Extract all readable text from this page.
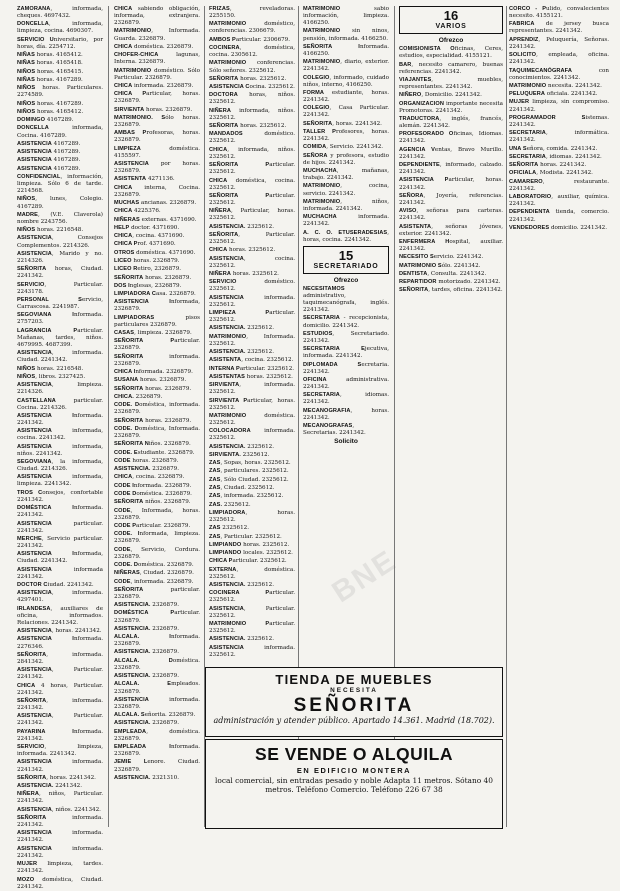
BNE

ZAMORANA, informada, cheques. 4697432.

DONCELLA, informada, limpieza, cocina. 4690307.

SERVICIO Universitario, por horas, día. 2254712.

NIÑAS horas. 4165412.

NIÑAS horas. 4165418.

NIÑOS horas. 4165415.

NIÑAS horas. 4167289.

NIÑOS horas. Particulares. 2274589.

NIÑOS horas. 4167289.

NIÑOS horas. 4165412.

DOMINGO 4167289.

DONCELLA informada, Cocina. 4167289.

ASISTENCIA 4167289.

ASISTENCIA 4167289.

ASISTENCIA 4167289.

ASISTENCIA 4167289.

CONFIDENCIAL, información, limpieza. Sólo 6 de tarde. 2214568.

NIÑOS, lunes, Colegio. 4167289.

MADRE, (V.E. Claverola) nombre 2243756.

NIÑOS horas. 2216548.

ASISTENCIA, Consejos Complementos. 2214326.

ASISTENCIA, Marido y no. 2214326.

SEÑORITA horas, Ciudad. 2241342.

SERVICIO, Particular. 2243178.

PERSONAL Servicio, Carrascosa. 2241987.

SEGOVIANA Informada. 2757203.

LAGRANCIA Particular. Mañanas, tardes, niños. 4679995. 4687399.

ASISTENCIA, informada. Ciudad. 2241342.

NIÑOS horas. 2216548.

NIÑOS, libros. 2327425.

ASISTENCIA, limpieza. 2214326.

CASTELLANA particular. Cocina. 2214326.

ASISTENCIA Informada. 2241342.

ASISTENCIA informada, cocina. 2241342.

ASISTENCIA informada, niños. 2241342.

SEGOVIANA, la informada, Ciudad. 2214326.

ASISTENCIA informada, limpieza. 2241342.

TROS Consejos, confortable 2241342.

DOMÉSTICA Informada. 2241342.

ASISTENCIA particular. 2241342.

MERCHE, Servicio particular. 2241342.

ASISTENCIA Informada, Ciudad. 2241342.

ASISTENCIA informada 2241342.

DOCTOR Ciudad. 2241342.

ASISTENCIA, informada. 4297401.

IRLANDESA, auxiliares de oficina, informados. Relaciones. 2241342.

ASISTENCIA, horas. 2241342.

ASISTENCIA Informada. 2276346.

SEÑORITA, informada. 2841342.

ASISTENCIA, Particular. 2241342.

CHICA 4 horas, Particular. 2241342.

SEÑORITA, informada. 2241342.

ASISTENCIA, Particular. 2241342.

PAYARINA Informada. 2241342.

SERVICIO, limpieza, informada. 2241342.

ASISTENCIA informada. 2241342.

SEÑORITA, horas. 2241342.

ASISTENCIA. 2241342.

NIÑERA, niños, Particular. 2241342.

ASISTENCIA, niños. 2241342.

SEÑORITA informada. 2241342.

ASISTENCIA informada. 2241342.

ASISTENCIA informada. 2241342.

MUJER limpieza, tardes. 2241342.

MOZO doméstica, Ciudad. 2241342.

CHICA sabiendo obligación, informada, extranjera. 2326879.

MATRIMONIO, Informada. Guarda. 2326879.

CHICA doméstica. 2326879.

CHOFER-CHICA lagunas, Interna. 2326879.

MATRIMONIO doméstico. Sólo Particular. 2326879.

CHICA informada. 2326879.

CHICA Particular, horas. 2326879.

SIRVIENTA horas. 2326879.

MATRIMONIO. Sólo horas. 2326879.

AMBAS Profesoras, horas. 2326879.

LIMPIEZA doméstica. 4155597.

ASISTENCIA por horas. 2326879.

ASISTENTA 4271136.

CHICA interna, Cocina. 2326879.

MUCHAS ancianas. 2326879.

CHICA 4225376.

NIÑERAS externas. 4371690.

HELP doctor. 4371690.

CHICA, cocina. 4371690.

CHICA Prof. 4371690.

OTROS doméstica. 4371690.

LICEO horas. 2326879.

LICEO Retiro, 2326879.

SEÑORITA horas. 2326879.

DOS Inglesas, 2326879.

LIMPIADORA Casa. 2326879.

ASISTENCIA Informada, 2326879.

LIMPIADORAS pisos particulares 2326879.

CASAS, limpieza. 2326879.

SEÑORITA Particular. 2326879.

SEÑORITA informada. 2326879.

CHICA Informada. 2326879.

SUSANA horas. 2326879.

SEÑORITA horas. 2326879.

CHICA. 2326879.

CODE. Doméstica, informada. 2326879.

SEÑORITA horas. 2326879.

CODE. Doméstica, Informada. 2326879.

SEÑORITA Niños. 2326879.

CODE. Estudiante. 2326879.

CODE horas. 2326879.

ASISTENCIA. 2326879.

CHICA, cocina. 2326879.

CODE Informada. 2326879.

CODE Doméstica. 2326879.

SEÑORITA niños. 2326879.

CODE, Informada, horas. 2326879.

CODE Particular. 2326879.

CODE. Informada, limpieza. 2326879.

CODE, Servicio, Cordura. 2326879.

CODE. Doméstica. 2326879.

NIÑERAS, Ciudad. 2326879.

CODE, informada. 2326879.

SEÑORITA particular. 2326879.

ASISTENCIA. 2326879.

DOMÉSTICA Particular. 2326879.

ASISTENCIA. 2326879.

ALCALA. Informada. 2326879.

ASISTENCIA. 2326879.

ALCALA. Doméstica. 2326879.

ASISTENCIA. 2326879.

ALCALA. Empleados. 2326879.

ASISTENCIA informada. 2326879.

ALCALA. Señorita. 2326879.

ASISTENCIA. 2326879.

EMPLEADA, doméstica. 2326879.

EMPLEADA Informada. 2326879.

JEMIE Lenore. Ciudad. 2326879.

ASISTENCIA. 2321310.

FRIZAS, reveladoras. 2255150.

MATRIMONIO doméstico, conferencias. 2306679.

AMBOS Particular. 2306679.

COCINERA, doméstica, cocina. 2305612.

MATRIMONIO conferencias. Sólo señores. 2325612.

SEÑORITA horas. 2325612.

ASISTENCIA Cocina. 2325612.

DOCTORA horas, niños. 2325612.

NIÑERA informada, niños. 2325612.

SEÑORITA horas. 2325612.

MANDADOS doméstico. 2325612.

CHICA, informada, niños. 2325612.

SEÑORITA Particular. 2325612.

CHICA doméstica, cocina. 2325612.

SEÑORITA Particular. 2325612.

NIÑERA, Particular, horas. 2325612.

ASISTENCIA. 2325612.

SEÑORITA, Particular. 2325612.

CHICA horas. 2325612.

ASISTENCIA, cocina. 2325612.

NIÑERA horas. 2325612.

SERVICIO doméstico. 2325612.

ASISTENCIA informada. 2325612.

LIMPIEZA Particular. 2325612.

ASISTENCIA. 2325612.

MATRIMONIO, Informada. 2325612.

ASISTENCIA. 2325612.

ASISTENTA, cocina. 2325612.

INTERNA Particular. 2325612.

ASISTENTAS horas. 2325612.

SIRVIENTA, informada. 2325612.

SIRVIENTA Particular, horas. 2325612.

MATRIMONIO doméstica. 2325612.

COLOCADORA informada. 2325612.

ASISTENCIA. 2325612.

SIRVIENTA. 2325612.

ZAS, Sopas, horas. 2325612.

ZAS, particulares. 2325612.

ZAS, Sólo Ciudad. 2325612.

ZAS, Ciudad. 2325612.

ZAS, informada. 2325612.

ZAS. 2325612.

LIMPIADORA, horas. 2325612.

ZAS 2325612.

ZAS, Particular. 2325612.

LIMPIANDO horas. 2325612.

LIMPIANDO locales. 2325612.

CHICA Particular. 2325612.

EXTERNA, doméstica. 2325612.

ASISTENCIA. 2325612.

COCINERA Particular. 2325612.

ASISTENCIA, Particular. 2325612.

MATRIMONIO Particular. 2325612.

ASISTENCIA. 2325612.

ASISTENCIA informada. 2325612.

MATRIMONIO sabio información, limpieza. 4166250.

MATRIMONIO sin ninos, pensión, informada. 4166250.

SEÑORITA Informada. 4166250.

MATRIMONIO, diario, exterior. 2241342.

COLEGIO, informado, cuidado niños, interno, 4166250.

FORMA estudiante, horas. 2241342.

COLEGIO, Casa Particular. 2241342.

SEÑORITA, horas. 2241342.

TALLER Profesores, horas. 2241342.

COMIDA, Servicio. 2241342.

SEÑORA y profesora, estudio de hijos. 2241342.

MUCHACHA, mañanas, trabajo. 2241342.

MATRIMONIO, cocina, servicio. 2241342.

MATRIMONIO, niños, informada. 2241342.

MUCHACHA informada. 2241342.

A. C. O. ETUSERADESIAS, horas, cocina. 2241342.

15
SECRETARIADO
Ofrezco

NECESITAMOS administrativo, taquimecanógrafa, inglés. 2241342.

SECRETARIA - recepcionista, domicilio. 2241342.

ESTUDIOS, Secretariado. 2241342.

SECRETARIA Ejecutiva, informada. 2241342.

DIPLOMADA Secretaria. 2241342.

OFICINA administrativa. 2241342.

SECRETARIA, idiomas. 2241342.

MECANOGRAFIA, horas. 2241342.

MECANOGRAFAS, Secretarias. 2241342.

Solicito
16
VARIOS
Ofrezco

COMISIONISTA Oficinas, Ceres, estudios, especialidad. 4155121.

BAR, necesito camarero, buenas referencias. 2241342.

VIAJANTES, muebles, representantes. 2241342.

NIÑERO, Domicilio. 2241342.

ORGANIZACION importante necesita Promotoras. 2241342.

TRADUCTORA, inglés, francés, alemán. 2241342.

PROFESORADO Oficinas, Idiomas. 2241342.

AGENCIA Ventas, Bravo Murillo. 2241342.

DEPENDIENTE, informado, calzado. 2241342.

ASISTENCIA Particular, horas. 2241342.

SEÑORA, Joyería, referencias. 2241342.

AVISO, señoras para carteras. 2241342.

ASISTENTA, señoras jóvenes, exterior. 2241342.

ENFERMERA Hospital, auxiliar. 2241342.

NECESITO Servicio. 2241342.

MATRIMONIO Sólo. 2241342.

DENTISTA, Consulta. 2241342.

REPARTIDOR motorizado. 2241342.

SEÑORITA, tardes, oficina. 2241342.

CORCO - Pulido, convalecientes necesito. 4155121.

FABRICA de jersey busca representantes. 2241342.

APRENDIZ, Peluquería, Señoras. 2241342.

SOLICITO, empleada, oficina. 2241342.

TAQUIMECANÓGRAFA con conocimientos. 2241342.

MATRIMONIO necesita. 2241342.

PELUQUERA oficiala. 2241342.

MUJER limpieza, sin compromiso. 2241342.

PROGRAMADOR Sistemas. 2241342.

SECRETARIA, informática. 2241342.

UNA Señora, comida. 2241342.

SECRETARIA, idiomas. 2241342.

SEÑORITA horas. 2241342.

OFICIALA, Modista. 2241342.

CAMARERO, restaurante. 2241342.

LABORATORIO, auxiliar, química. 2241342.

DEPENDIENTA tienda, comercio. 2241342.

VENDEDORES domicilio. 2241342.

TIENDA DE MUEBLES
NECESITA
SEÑORITA
administración y atender público. Apartado 14.361. Madrid (18.702).
SE VENDE O ALQUILA
EN EDIFICIO MONTERA
local comercial, sin entradas pesado y noble Adapta 11 metros. Sótano 40 metros. Teléfono Comercio. Teléfono 226 67 38
